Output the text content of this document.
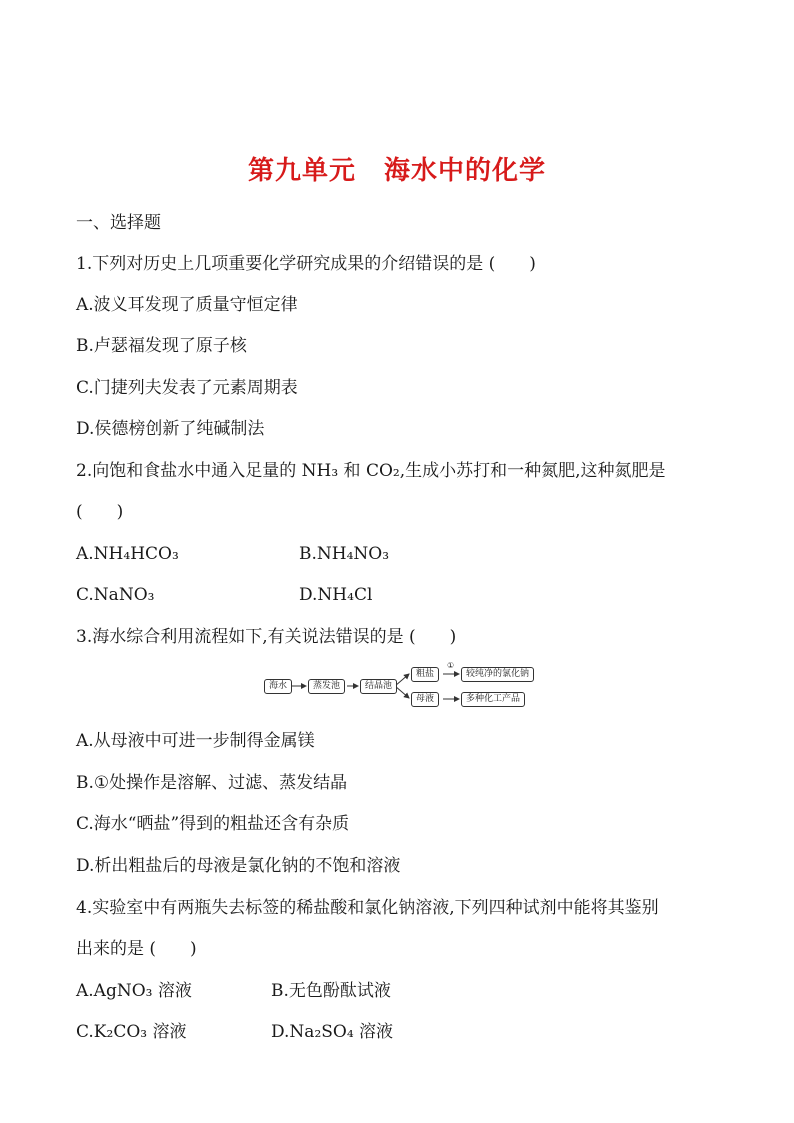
第九单元 海水中的化学
一、选择题
1.下列对历史上几项重要化学研究成果的介绍错误的是 (　　)
A.波义耳发现了质量守恒定律
B.卢瑟福发现了原子核
C.门捷列夫发表了元素周期表
D.侯德榜创新了纯碱制法
2.向饱和食盐水中通入足量的 NH₃ 和 CO₂,生成小苏打和一种氮肥,这种氮肥是
(　　)
A.NH₄HCO₃	B.NH₄NO₃
C.NaNO₃	D.NH₄Cl
3.海水综合利用流程如下,有关说法错误的是 (　　)
海水	蒸发池	结晶池
粗盐
①
较纯净的氯化钠
母液	多种化工产品
A.从母液中可进一步制得金属镁
B.①处操作是溶解、过滤、蒸发结晶
C.海水“晒盐”得到的粗盐还含有杂质
D.析出粗盐后的母液是氯化钠的不饱和溶液
4.实验室中有两瓶失去标签的稀盐酸和氯化钠溶液,下列四种试剂中能将其鉴别
出来的是 (　　)
A.AgNO₃ 溶液	B.无色酚酞试液
C.K₂CO₃ 溶液	D.Na₂SO₄ 溶液
